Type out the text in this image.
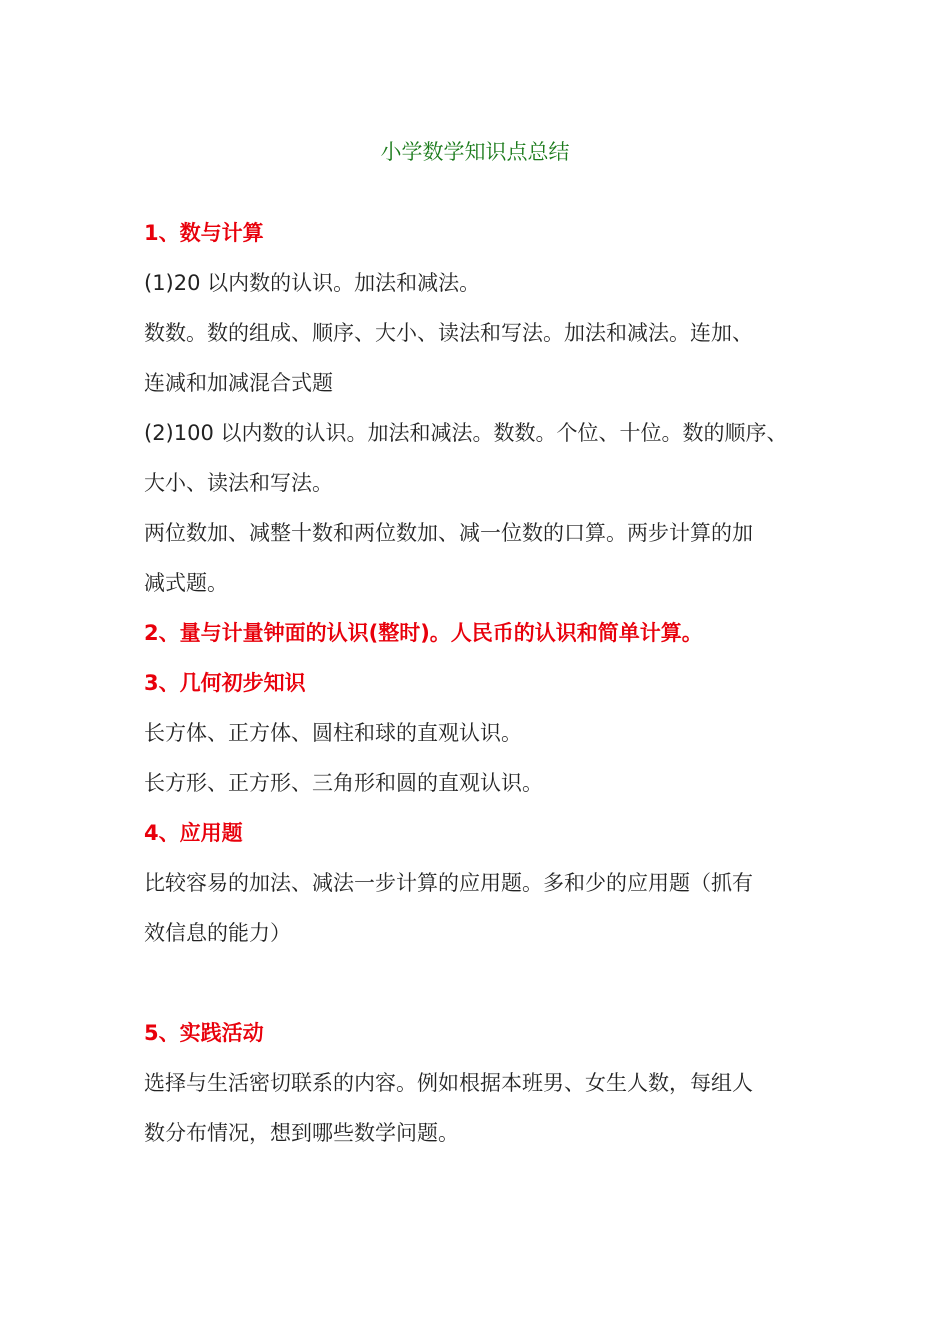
小学数学知识点总结
1、数与计算
(1)20 以内数的认识。加法和减法。
数数。数的组成、顺序、大小、读法和写法。加法和减法。连加、
连减和加减混合式题
(2)100 以内数的认识。加法和减法。数数。个位、十位。数的顺序、
大小、读法和写法。
两位数加、减整十数和两位数加、减一位数的口算。两步计算的加
减式题。
2、量与计量钟面的认识(整时)。人民币的认识和简单计算。
3、几何初步知识
长方体、正方体、圆柱和球的直观认识。
长方形、正方形、三角形和圆的直观认识。
4、应用题
比较容易的加法、减法一步计算的应用题。多和少的应用题（抓有
效信息的能力）
5、实践活动
选择与生活密切联系的内容。例如根据本班男、女生人数，每组人
数分布情况，想到哪些数学问题。
